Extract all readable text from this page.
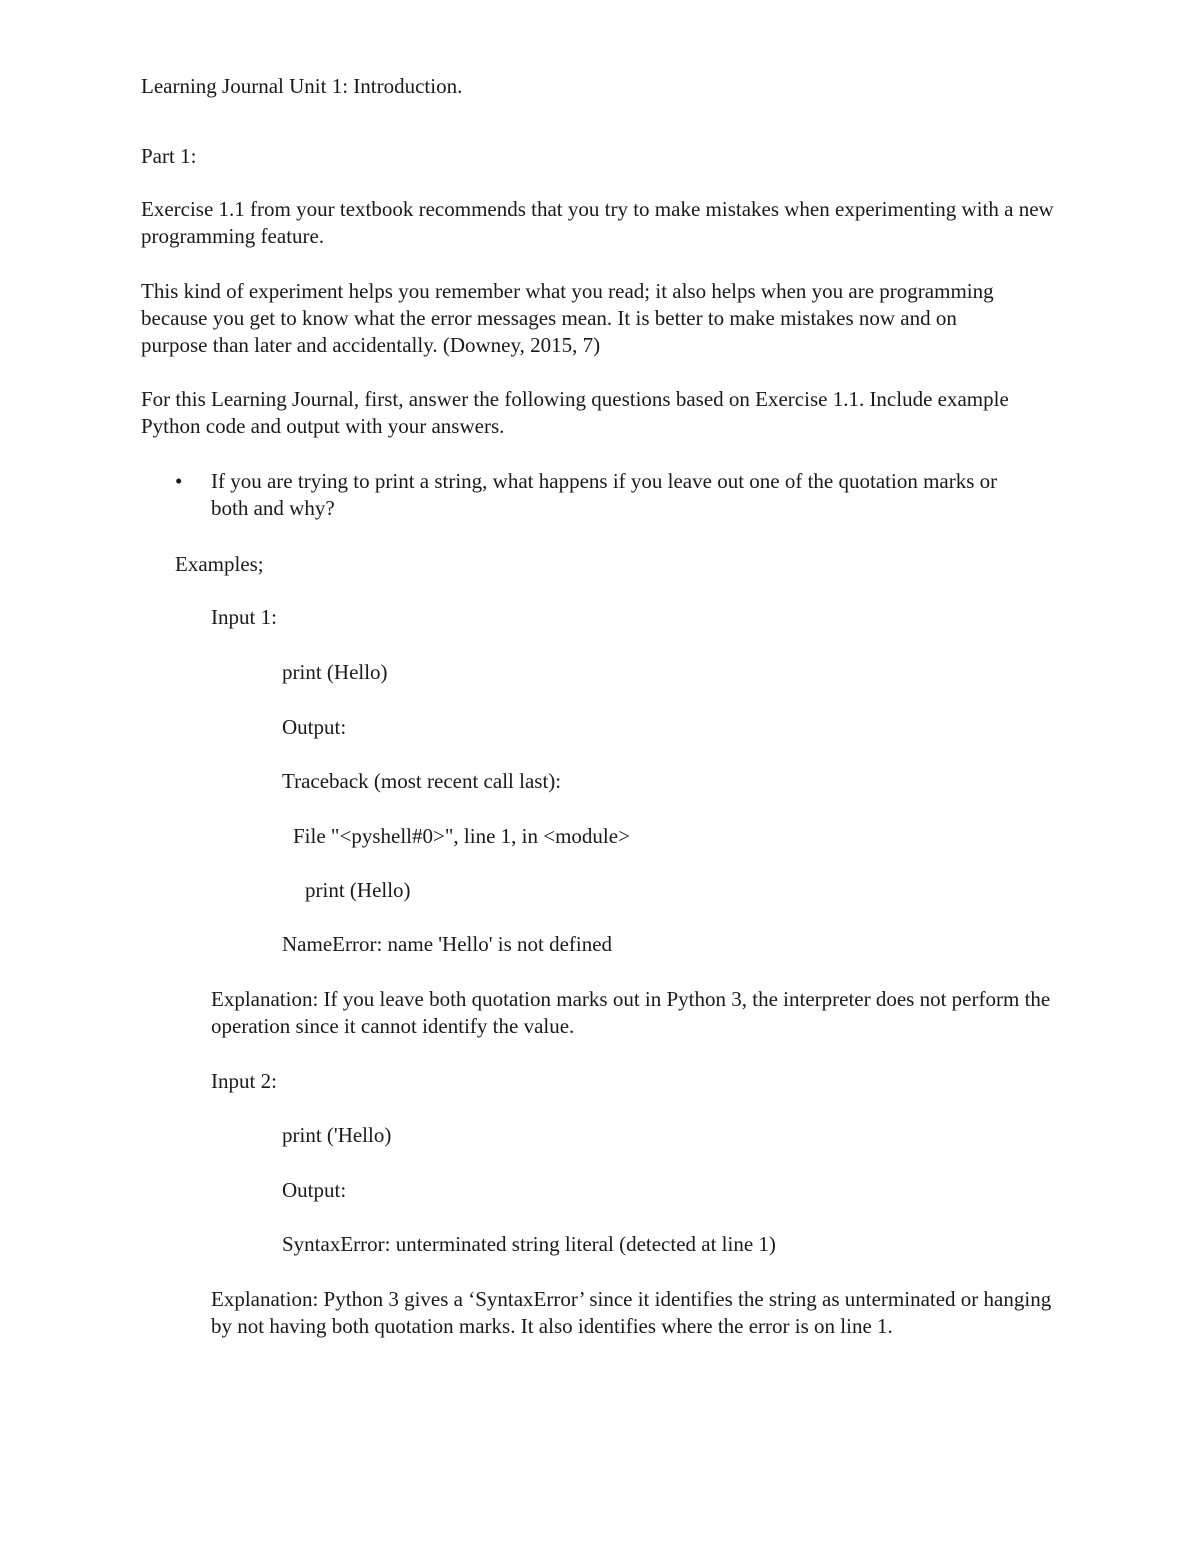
Learning Journal Unit 1: Introduction.

Part 1:

Exercise 1.1 from your textbook recommends that you try to make mistakes when experimenting with a new programming feature.

This kind of experiment helps you remember what you read; it also helps when you are programming because you get to know what the error messages mean. It is better to make mistakes now and on purpose than later and accidentally. (Downey, 2015, 7)

For this Learning Journal, first, answer the following questions based on Exercise 1.1. Include example Python code and output with your answers.

• If you are trying to print a string, what happens if you leave out one of the quotation marks or both and why?

Examples;

Input 1:

print (Hello)

Output:

Traceback (most recent call last):

File "<pyshell#0>", line 1, in <module>

print (Hello)

NameError: name 'Hello' is not defined

Explanation: If you leave both quotation marks out in Python 3, the interpreter does not perform the operation since it cannot identify the value.

Input 2:

print ('Hello)

Output:

SyntaxError: unterminated string literal (detected at line 1)

Explanation: Python 3 gives a ‘SyntaxError’ since it identifies the string as unterminated or hanging by not having both quotation marks. It also identifies where the error is on line 1.
